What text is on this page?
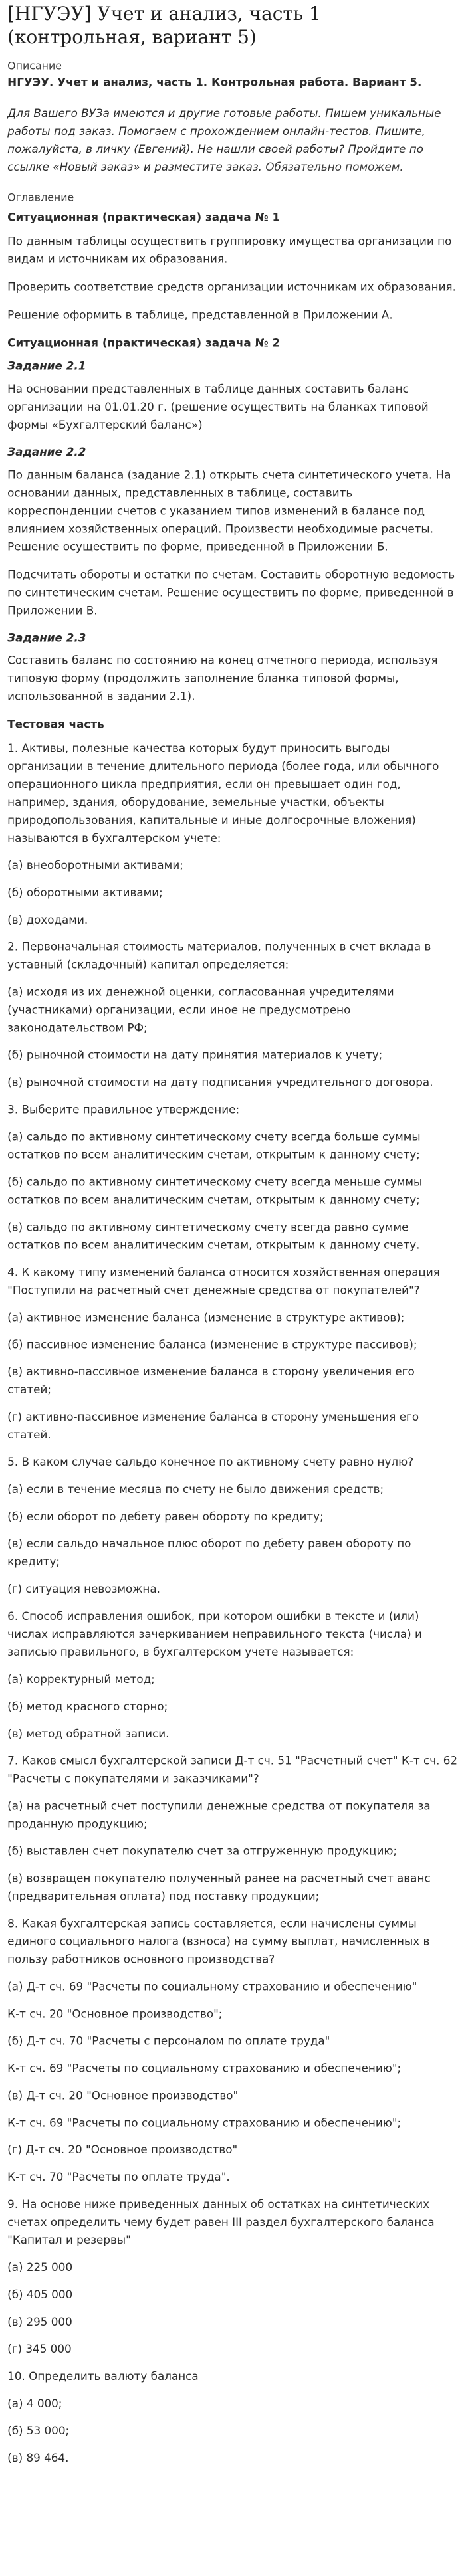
[НГУЭУ] Учет и анализ, часть 1 (контрольная, вариант 5)
Описание
НГУЭУ. Учет и анализ, часть 1. Контрольная работа. Вариант 5.
Для Вашего ВУЗа имеются и другие готовые работы. Пишем уникальные работы под заказ. Помогаем с прохождением онлайн-тестов. Пишите, пожалуйста, в личку (Евгений). Не нашли своей работы? Пройдите по ссылке «Новый заказ» и разместите заказ. Обязательно поможем.
Оглавление
Ситуационная (практическая) задача № 1

По данным таблицы осуществить группировку имущества организации по видам и источникам их образования.

Проверить соответствие средств организации источникам их образования.

Решение оформить в таблице, представленной в Приложении А.

Ситуационная (практическая) задача № 2
Задание 2.1

На основании представленных в таблице данных составить баланс организации на 01.01.20 г. (решение осуществить на бланках типовой формы «Бухгалтерский баланс»)

Задание 2.2

По данным баланса (задание 2.1) открыть счета синтетического учета. На основании данных, представленных в таблице, составить корреспонденции счетов с указанием типов изменений в балансе под влиянием хозяйственных операций. Произвести необходимые расчеты. Решение осуществить по форме, приведенной в Приложении Б.

Подсчитать обороты и остатки по счетам. Составить оборотную ведомость по синтетическим счетам. Решение осуществить по форме, приведенной в Приложении В.

Задание 2.3

Составить баланс по состоянию на конец отчетного периода, используя типовую форму (продолжить заполнение бланка типовой формы, использованной в задании 2.1).

Тестовая часть

1. Активы, полезные качества которых будут приносить выгоды организации в течение длительного периода (более года, или обычного операционного цикла предприятия, если он превышает один год, например, здания, оборудование, земельные участки, объекты природопользования, капитальные и иные долгосрочные вложения) называются в бухгалтерском учете:

(а) внеоборотными активами;

(б) оборотными активами;

(в) доходами.

2. Первоначальная стоимость материалов, полученных в счет вклада в уставный (складочный) капитал определяется:

(а) исходя из их денежной оценки, согласованная учредителями (участниками) организации, если иное не предусмотрено законодательством РФ;

(б) рыночной стоимости на дату принятия материалов к учету;

(в) рыночной стоимости на дату подписания учредительного договора.

3. Выберите правильное утверждение:

(а) сальдо по активному синтетическому счету всегда больше суммы остатков по всем аналитическим счетам, открытым к данному счету;

(б) сальдо по активному синтетическому счету всегда меньше суммы остатков по всем аналитическим счетам, открытым к данному счету;

(в) сальдо по активному синтетическому счету всегда равно сумме остатков по всем аналитическим счетам, открытым к данному счету.

4. К какому типу изменений баланса относится хозяйственная операция "Поступили на расчетный счет денежные средства от покупателей"?

(а) активное изменение баланса (изменение в структуре активов);

(б) пассивное изменение баланса (изменение в структуре пассивов);

(в) активно-пассивное изменение баланса в сторону увеличения его статей;

(г) активно-пассивное изменение баланса в сторону уменьшения его статей.

5. В каком случае сальдо конечное по активному счету равно нулю?

(а) если в течение месяца по счету не было движения средств;

(б) если оборот по дебету равен обороту по кредиту;

(в) если сальдо начальное плюс оборот по дебету равен обороту по кредиту;

(г) ситуация невозможна.

6. Способ исправления ошибок, при котором ошибки в тексте и (или) числах исправляются зачеркиванием неправильного текста (числа) и записью правильного, в бухгалтерском учете называется:

(а) корректурный метод;

(б) метод красного сторно;

(в) метод обратной записи.

7. Каков смысл бухгалтерской записи Д-т сч. 51 "Расчетный счет" К-т сч. 62 "Расчеты с покупателями и заказчиками"?

(а) на расчетный счет поступили денежные средства от покупателя за проданную продукцию;

(б) выставлен счет покупателю счет за отгруженную продукцию;

(в) возвращен покупателю полученный ранее на расчетный счет аванс (предварительная оплата) под поставку продукции;

8. Какая бухгалтерская запись составляется, если начислены суммы единого социального налога (взноса) на сумму выплат, начисленных в пользу работников основного производства?

(а) Д-т сч. 69 "Расчеты по социальному страхованию и обеспечению"

К-т сч. 20 "Основное производство";

(б) Д-т сч. 70 "Расчеты с персоналом по оплате труда"

К-т сч. 69 "Расчеты по социальному страхованию и обеспечению";

(в) Д-т сч. 20 "Основное производство"

К-т сч. 69 "Расчеты по социальному страхованию и обеспечению";

(г) Д-т сч. 20 "Основное производство"

К-т сч. 70 "Расчеты по оплате труда".

9. На основе ниже приведенных данных об остатках на синтетических счетах определить чему будет равен III раздел бухгалтерского баланса "Капитал и резервы"

(а) 225 000

(б) 405 000

(в) 295 000

(г) 345 000

10. Определить валюту баланса

(а) 4 000;

(б) 53 000;

(в) 89 464.
